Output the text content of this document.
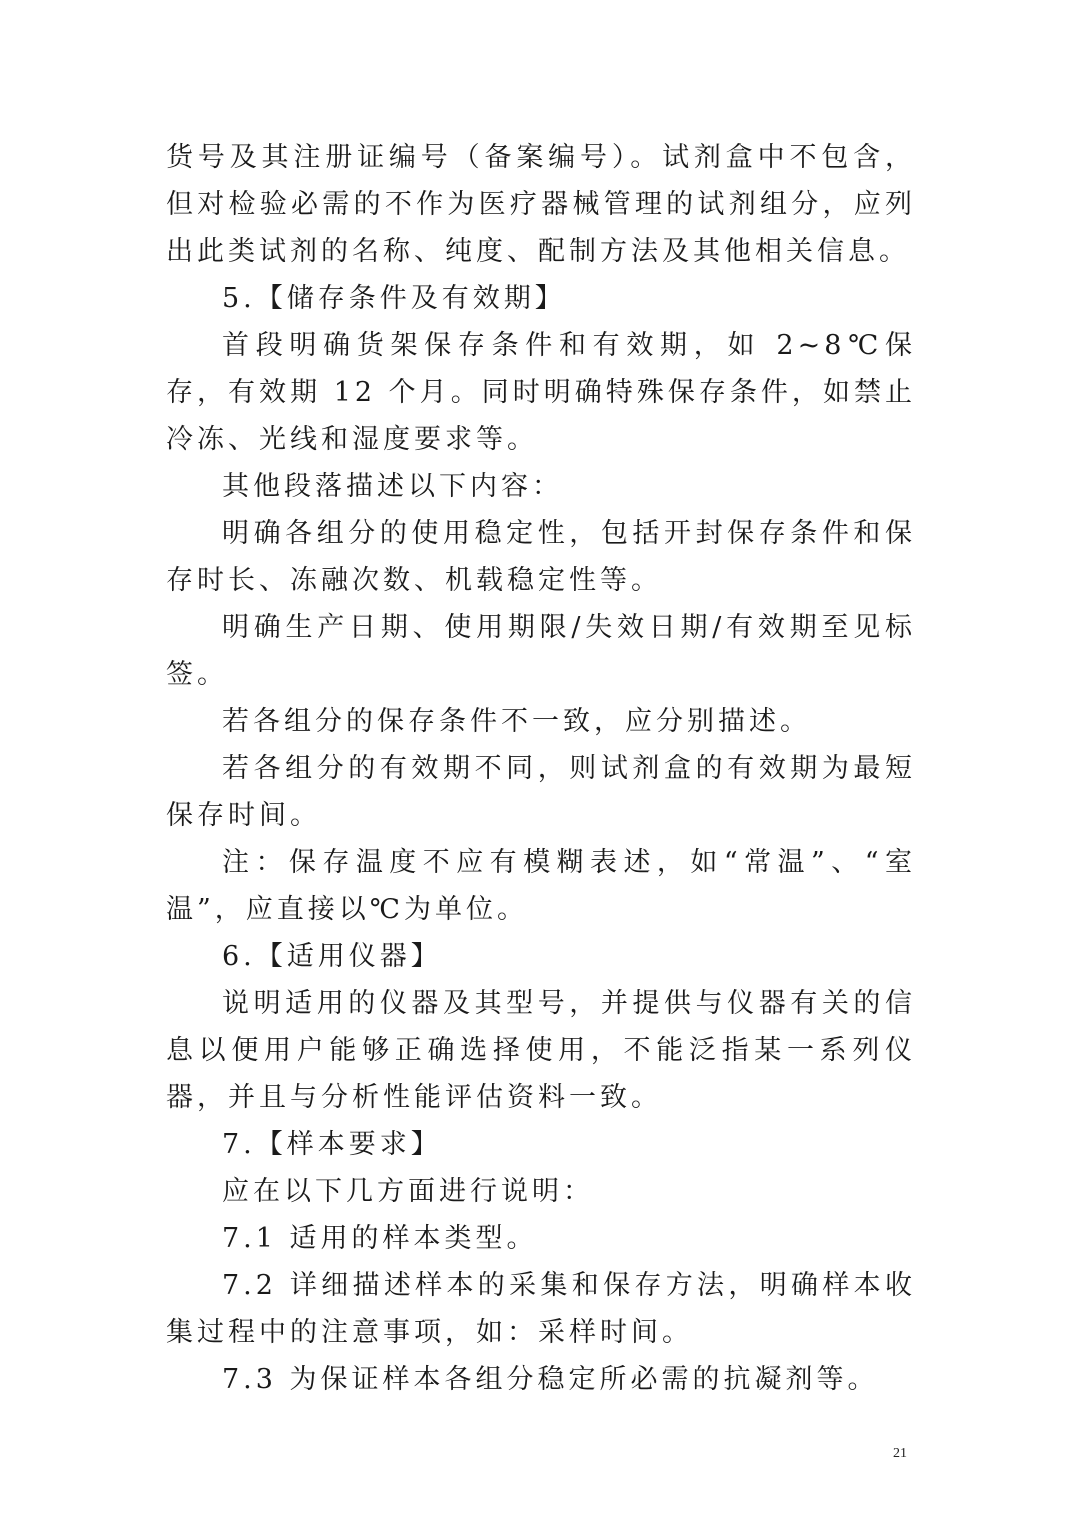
货号及其注册证编号（备案编号）。试剂盒中不包含，但对检验必需的不作为医疗器械管理的试剂组分，应列出此类试剂的名称、纯度、配制方法及其他相关信息。

5.【储存条件及有效期】

首段明确货架保存条件和有效期，如 2~8℃保存，有效期 12 个月。同时明确特殊保存条件，如禁止冷冻、光线和湿度要求等。

其他段落描述以下内容：

明确各组分的使用稳定性，包括开封保存条件和保存时长、冻融次数、机载稳定性等。

明确生产日期、使用期限/失效日期/有效期至见标签。

若各组分的保存条件不一致，应分别描述。

若各组分的有效期不同，则试剂盒的有效期为最短保存时间。

注：保存温度不应有模糊表述，如“常温”、“室温”，应直接以℃为单位。

6.【适用仪器】

说明适用的仪器及其型号，并提供与仪器有关的信息以便用户能够正确选择使用，不能泛指某一系列仪器，并且与分析性能评估资料一致。

7.【样本要求】

应在以下几方面进行说明：

7.1 适用的样本类型。

7.2 详细描述样本的采集和保存方法，明确样本收集过程中的注意事项，如：采样时间。

7.3 为保证样本各组分稳定所必需的抗凝剂等。

21
